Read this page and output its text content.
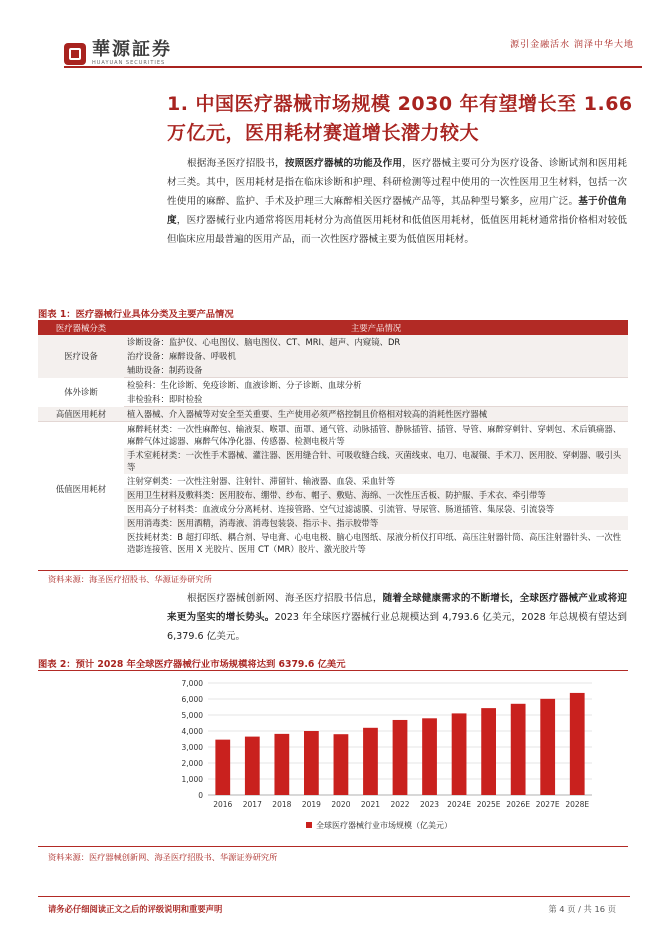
華源証券
HUAYUAN SECURITIES
源引金融活水 润泽中华大地
1. 中国医疗器械市场规模 2030 年有望增长至 1.66 万亿元，医用耗材赛道增长潜力较大
根据海圣医疗招股书，按照医疗器械的功能及作用，医疗器械主要可分为医疗设备、诊断试剂和医用耗材三类。其中，医用耗材是指在临床诊断和护理、科研检测等过程中使用的一次性医用卫生材料，包括一次性使用的麻醉、监护、手术及护理三大麻醉相关医疗器械产品等，其品种型号繁多，应用广泛。基于价值角度，医疗器械行业内通常将医用耗材分为高值医用耗材和低值医用耗材，低值医用耗材通常指价格相对较低但临床应用最普遍的医用产品，而一次性医疗器械主要为低值医用耗材。
图表 1：医疗器械行业具体分类及主要产品情况
医疗器械分类	主要产品情况
医疗设备	诊断设备：监护仪、心电图仪、脑电图仪、CT、MRI、超声、内窥镜、DR
	治疗设备：麻醉设备、呼吸机
	辅助设备：制药设备
体外诊断	检验科：生化诊断、免疫诊断、血液诊断、分子诊断、血球分析
	非检验科：即时检验
高值医用耗材	植入器械、介入器械等对安全至关重要、生产使用必须严格控制且价格相对较高的消耗性医疗器械
低值医用耗材	麻醉耗材类：一次性麻醉包、输液泵、喉罩、面罩、通气管、动脉插管、静脉插管、插管、导管、麻醉穿刺针、穿刺包、术后镇痛器、麻醉气体过滤器、麻醉气体净化器、传感器、检测电极片等
	手术室耗材类：一次性手术器械、灌注器、医用缝合针、可吸收缝合线、灭菌线束、电刀、电凝镊、手术刀、医用胶、穿刺器、吸引头等
	注射穿刺类：一次性注射器、注射针、滞留针、输液器、血袋、采血针等
	医用卫生材料及敷料类：医用胶布、绷带、纱布、帽子、敷贴、海绵、一次性压舌板、防护服、手术衣、牵引带等
	医用高分子材料类：血液成分分离耗材、连接管路、空气过滤滤膜、引流管、导尿管、肠道插管、集尿袋、引流袋等
	医用消毒类：医用酒精，消毒液、消毒包装袋、指示卡、指示胶带等
	医技耗材类：B 超打印纸、耦合剂、导电膏、心电电极、脑心电图纸、尿液分析仪打印纸、高压注射器针筒、高压注射器针头、一次性造影连接管、医用 X 光胶片、医用 CT（MR）胶片、激光胶片等
资料来源：海圣医疗招股书、华源证券研究所
根据医疗器械创新网、海圣医疗招股书信息，随着全球健康需求的不断增长，全球医疗器械产业或将迎来更为坚实的增长势头。2023 年全球医疗器械行业总规模达到 4,793.6 亿美元，2028 年总规模有望达到 6,379.6 亿美元。
图表 2：预计 2028 年全球医疗器械行业市场规模将达到 6379.6 亿美元
0
1,000
2,000
3,000
4,000
5,000
6,000
7,000
2016 2017 2018 2019 2020 2021 2022 2023 2024E 2025E 2026E 2027E 2028E
全球医疗器械行业市场规模（亿美元）
资料来源：医疗器械创新网、海圣医疗招股书、华源证券研究所
请务必仔细阅读正文之后的评级说明和重要声明	第 4 页 / 共 16 页
